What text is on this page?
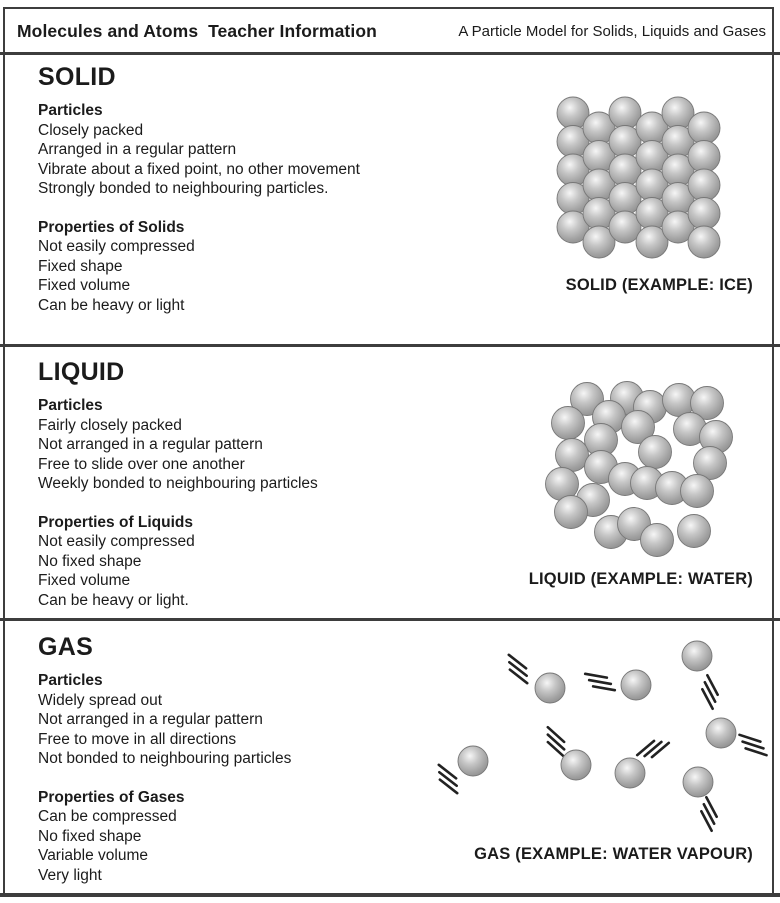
Molecules and Atoms  Teacher Information	A Particle Model for Solids, Liquids and Gases
SOLID
Particles
Closely packed
Arranged in a regular pattern
Vibrate about a fixed point, no other movement
Strongly bonded to neighbouring particles.
Properties of Solids
Not easily compressed
Fixed shape
Fixed volume
Can be heavy or light
LIQUID
Particles
Fairly closely packed
Not arranged in a regular pattern
Free to slide over one another
Weekly bonded to neighbouring particles
Properties of Liquids
Not easily compressed
No fixed shape
Fixed volume
Can be heavy or light.
GAS
Particles
Widely spread out
Not arranged in a regular pattern
Free to move in all directions
Not bonded to neighbouring particles
Properties of Gases
Can be compressed
No fixed shape
Variable volume
Very light
SOLID (EXAMPLE: ICE)
LIQUID (EXAMPLE: WATER)
GAS (EXAMPLE: WATER VAPOUR)
